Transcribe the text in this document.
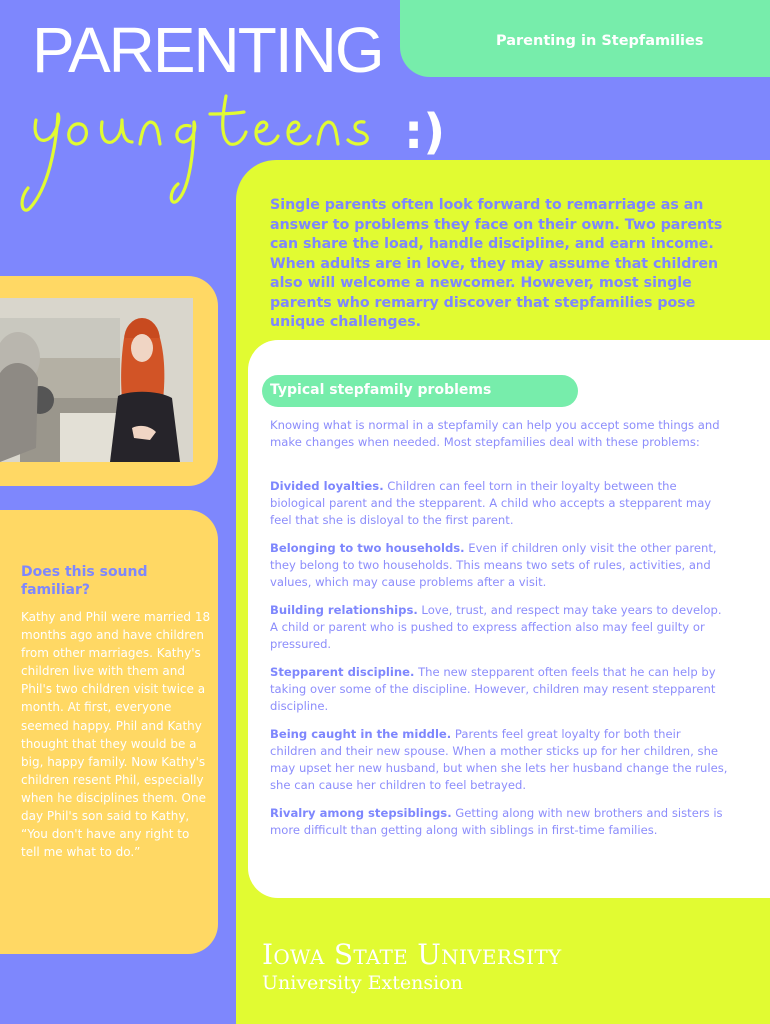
Parenting in Stepfamilies
PARENTING
:)
Single parents often look forward to remarriage as an answer to problems they face on their own. Two parents can share the load, handle discipline, and earn income. When adults are in love, they may assume that children also will welcome a newcomer. However, most single parents who remarry discover that stepfamilies pose unique challenges.
Does this sound familiar?
Kathy and Phil were married 18 months ago and have children from other marriages. Kathy's children live with them and Phil's two children visit twice a month. At first, everyone seemed happy. Phil and Kathy thought that they would be a big, happy family. Now Kathy's children resent Phil, especially when he disciplines them. One day Phil's son said to Kathy, “You don't have any right to tell me what to do.”
Typical stepfamily problems
Knowing what is normal in a stepfamily can help you accept some things and make changes when needed. Most stepfamilies deal with these problems:
Divided loyalties. Children can feel torn in their loyalty between the biological parent and the stepparent. A child who accepts a stepparent may feel that she is disloyal to the first parent.
Belonging to two households. Even if children only visit the other parent, they belong to two households. This means two sets of rules, activities, and values, which may cause problems after a visit.
Building relationships. Love, trust, and respect may take years to develop. A child or parent who is pushed to express affection also may feel guilty or pressured.
Stepparent discipline. The new stepparent often feels that he can help by taking over some of the discipline. However, children may resent stepparent discipline.
Being caught in the middle. Parents feel great loyalty for both their children and their new spouse. When a mother sticks up for her children, she may upset her new husband, but when she lets her husband change the rules, she can cause her children to feel betrayed.
Rivalry among stepsiblings. Getting along with new brothers and sisters is more difficult than getting along with siblings in first-time families.
Iowa State University
University Extension
